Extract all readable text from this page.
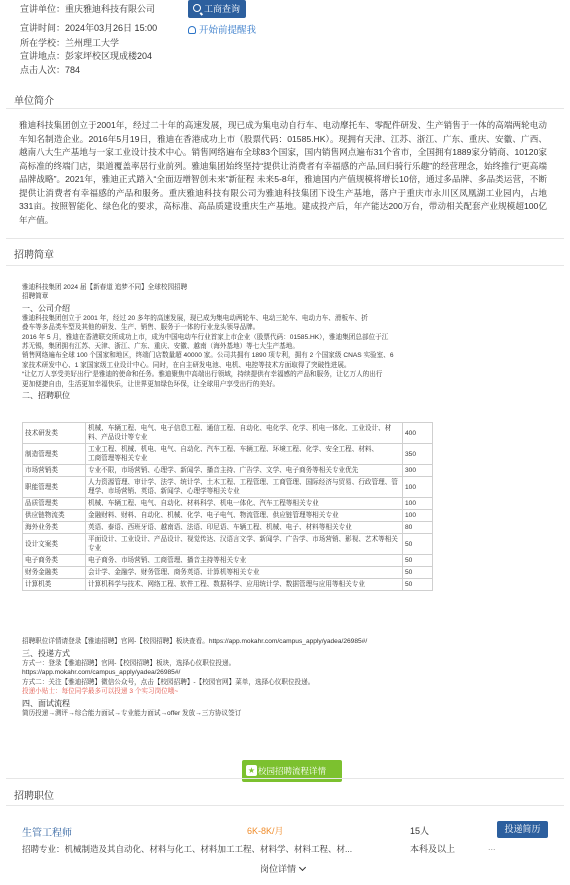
宣讲单位：重庆雅迪科技有限公司	工商查询
宣讲时间：2024年03月26日 15:00	开始前提醒我
所在学校：兰州理工大学
宣讲地点：彭家坪校区现成楼204
点击人次：784
单位简介
雅迪科技集团创立于2001年，经过二十年的高速发展，现已成为集电动自行车、电动摩托车、零配件研发、生产销售于一体的高端两轮电动车知名制造企业。2016年5月19日，雅迪在香港成功上市（股票代码：01585.HK）。现拥有天津、江苏、浙江、广东、重庆、安徽、广西、越南八大生产基地与一家工业设计技术中心。销售网络遍布全球83个国家，国内销售网点遍布31个省市，全国拥有1889家分销商、10120家高标准的终端门店，渠道覆盖率居行业前列。雅迪集团始终坚持“提供让消费者有幸福感的产品,回归骑行乐趣”的经营理念，始终推行“更高端品牌战略”。2021年，雅迪正式踏入“全面迈增智创未来”新征程 未来5-8年，雅迪国内产值规模将增长10倍，通过多品牌、多品类运营，不断提供让消费者有幸福感的产品和服务。重庆雅迪科技有限公司为雅迪科技集团下设生产基地，落户于重庆市永川区凤凰湖工业园内，占地331亩。按照智能化、绿色化的要求，高标准、高品质建设重庆生产基地。建成投产后，年产能达200万台，带动相关配套产业规模超100亿年产值。
招聘简章
雅迪科技集团 2024 届【新春道 追梦不同】全球校园招聘
招聘简章
一、公司介绍
雅迪科技集团创立于 2001 年，经过 20 多年的高速发展，现已成为集电动两轮车、电动三轮车、电动力车、滑板车、折
叠车等多品类车型及其他的研发、生产、销售、服务于一体的行业龙头领导品牌。
2016 年 5 月，雅迪在香港联交所成功上市，成为中国电动车行业首家上市企业（股票代码：01585.HK），雅迪集团总部位于江
苏无锡，集团拥有江苏、天津、浙江、广东、重庆、安徽、越南（海外基地）等七大生产基地。
销售网络遍布全球 100 个国家和地区，终端门店数量超 40000 家。公司共拥有 1890 项专利，拥有 2 个国家级 CNAS 实验室、6
家技术研发中心、1 家国家级工业设计中心。同时，在自主研发电池、电机、电控等技术方面取得了突破性进展。
“让亿万人享受美好出行”是雅迪的使命和任务。雅迪聚焦中高端出行领域，持续提供有幸福感的产品和服务，让亿万人的出行
更加便捷自由，生活更加幸福快乐，让世界更加绿色环保，让全球用户享受出行的美好。
二、招聘职位
技术研发类	机械、车辆工程、电气、电子信息工程、通信工程、自动化、电化学、化学、机电一体化、工业设计、材料、产品设计等专业	400
制造管理类	工业工程、机械、机电、电气、自动化、汽车工程、车辆工程、环境工程、化学、安全工程、材料、
工商管理等相关专业	350
市场营销类	专业不限，市场营销、心理学、新闻学、播音主持、广告学、文学、电子商务等相关专业优先	300
职能管理类	人力资源管理、审计学、法学、统计学、土木工程、工程管理、工商管理、国际经济与贸易、行政管理、管理学、市场营销、英语、新闻学、心理学等相关专业	100
品质管理类	机械、车辆工程、电气、自动化、材料科学、机电一体化、汽车工程等相关专业	100
供应链物流类	金融财料、财料、自动化、机械、化学、电子电气、物流管理、供应链管理等相关专业	100
海外业务类	英语、泰语、西班牙语、越南语、法语、印尼语、车辆工程、机械、电子、材料等相关专业	80
设计文案类	平面设计、工业设计、产品设计、视觉传达、汉语言文学、新闻学、广告学、市场营销、影视、艺术等相关专业	50
电子商务类	电子商务、市场营销、工商管理、播音主持等相关专业	50
财务金融类	会计学、金融学、财务管理、商务英语、计算机等相关专业	50
计算机类	计算机科学与技术、网络工程、软件工程、数据科学、应用统计学、数据管理与应用等相关专业	50
招聘职位详情请登录【雅迪招聘】官网-【校园招聘】板块查看。https://app.mokahr.com/campus_apply/yadea/26985#/
三、投递方式
方式一：登录【雅迪招聘】官网-【校园招聘】板块，选择心仪职位投递。
https://app.mokahr.com/campus_apply/yadea/26985#/
方式二：关注【雅迪招聘】微信公众号，点击【校园招聘】-【校园官网】菜单，选择心仪职位投递。
投递小贴士：每位同学最多可以投递 3 个实习岗位哦~
四、面试流程
简历投递→测评→综合能力面试→专业能力面试→offer 发放→三方协议签订
★ 校园招聘流程详情
招聘职位
生管工程师	6K-8K/月	15人	投递简历
招聘专业：机械制造及其自动化、材料与化工、材料加工工程、材料学、材料工程、材...	本科及以上	...
岗位详情
